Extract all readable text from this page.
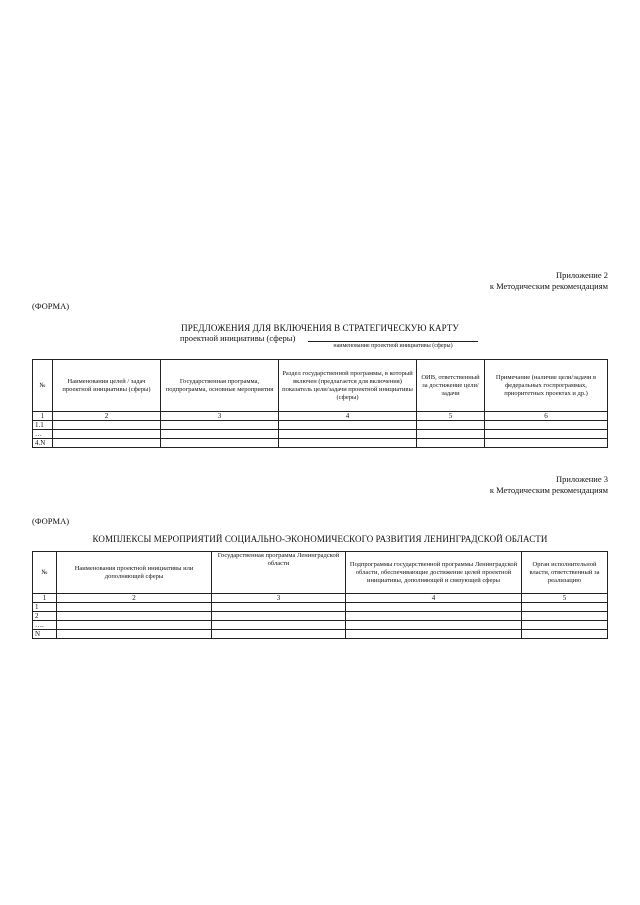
Приложение 2
к Методическим рекомендациям
(ФОРМА)
ПРЕДЛОЖЕНИЯ ДЛЯ ВКЛЮЧЕНИЯ В СТРАТЕГИЧЕСКУЮ КАРТУ
проектной инициативы (сферы)
наименование проектной инициативы (сферы)
№	Наименования целей / задач проектной инициативы (сферы)	Государственная программа, подпрограмма, основные мероприятия	Раздел государственной программы, в который включен (предлагается для включения) показатель цели/задачи проектной инициативы (сферы)	ОИВ, ответственный за достижение цели/задачи	Примечание (наличие цели/задачи в федеральных госпрограммах, приоритетных проектах и др.)
1	2	3	4	5	6
1.1					
…					
4.N					
Приложение 3
к Методическим рекомендациям
(ФОРМА)
КОМПЛЕКСЫ МЕРОПРИЯТИЙ СОЦИАЛЬНО-ЭКОНОМИЧЕСКОГО РАЗВИТИЯ ЛЕНИНГРАДСКОЙ ОБЛАСТИ
№	Наименования проектной инициативы или дополняющей сферы	Государственная программа Ленинградской области	Подпрограммы государственной программы Ленинградской области, обеспечивающие достижение целей проектной инициативы, дополняющей и связующей сферы	Орган исполнительной власти, ответственный за реализацию
1	2	3	4	5
1				
2				
….				
N				
